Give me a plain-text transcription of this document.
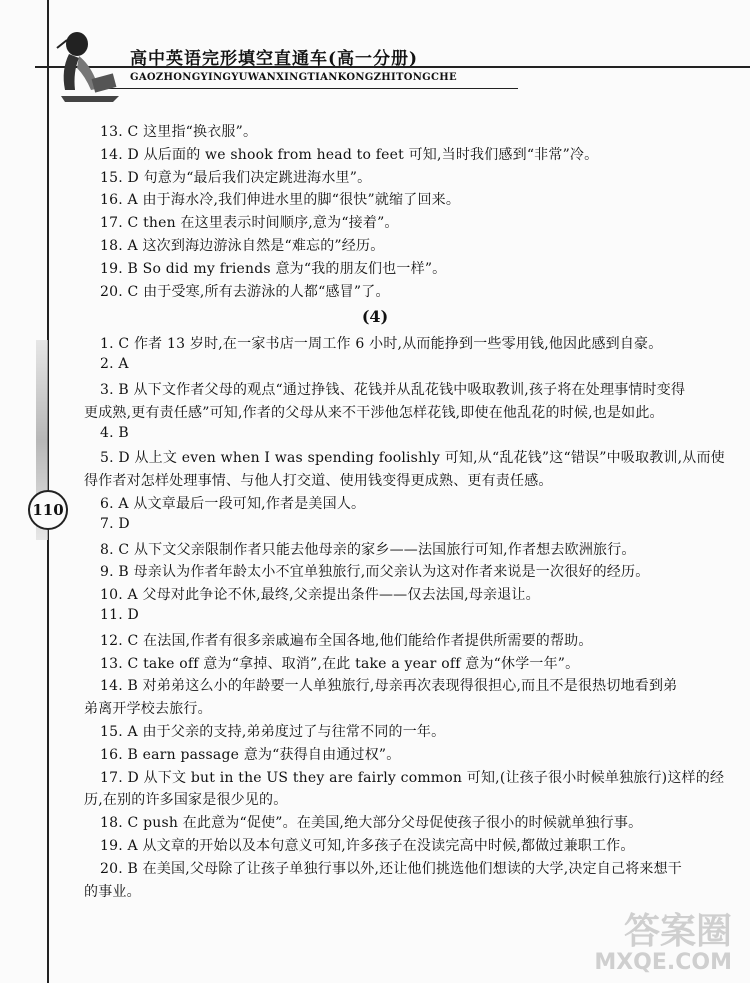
高中英语完形填空直通车(高一分册)
GAOZHONGYINGYUWANXINGTIANKONGZHITONGCHE
110
13. C 这里指“换衣服”。
14. D 从后面的 we shook from head to feet 可知,当时我们感到“非常”冷。
15. D 句意为“最后我们决定跳进海水里”。
16. A 由于海水冷,我们伸进水里的脚“很快”就缩了回来。
17. C then 在这里表示时间顺序,意为“接着”。
18. A 这次到海边游泳自然是“难忘的”经历。
19. B So did my friends 意为“我的朋友们也一样”。
20. C 由于受寒,所有去游泳的人都“感冒”了。
(4)
1. C 作者 13 岁时,在一家书店一周工作 6 小时,从而能挣到一些零用钱,他因此感到自豪。
2. A
3. B 从下文作者父母的观点“通过挣钱、花钱并从乱花钱中吸取教训,孩子将在处理事情时变得
更成熟,更有责任感”可知,作者的父母从来不干涉他怎样花钱,即使在他乱花的时候,也是如此。
4. B
5. D 从上文 even when I was spending foolishly 可知,从“乱花钱”这“错误”中吸取教训,从而使
得作者对怎样处理事情、与他人打交道、使用钱变得更成熟、更有责任感。
6. A 从文章最后一段可知,作者是美国人。
7. D
8. C 从下文父亲限制作者只能去他母亲的家乡——法国旅行可知,作者想去欧洲旅行。
9. B 母亲认为作者年龄太小不宜单独旅行,而父亲认为这对作者来说是一次很好的经历。
10. A 父母对此争论不休,最终,父亲提出条件——仅去法国,母亲退让。
11. D
12. C 在法国,作者有很多亲戚遍布全国各地,他们能给作者提供所需要的帮助。
13. C take off 意为“拿掉、取消”,在此 take a year off 意为“休学一年”。
14. B 对弟弟这么小的年龄要一人单独旅行,母亲再次表现得很担心,而且不是很热切地看到弟
弟离开学校去旅行。
15. A 由于父亲的支持,弟弟度过了与往常不同的一年。
16. B earn passage 意为“获得自由通过权”。
17. D 从下文 but in the US they are fairly common 可知,(让孩子很小时候单独旅行)这样的经
历,在别的许多国家是很少见的。
18. C push 在此意为“促使”。在美国,绝大部分父母促使孩子很小的时候就单独行事。
19. A 从文章的开始以及本句意义可知,许多孩子在没读完高中时候,都做过兼职工作。
20. B 在美国,父母除了让孩子单独行事以外,还让他们挑选他们想读的大学,决定自己将来想干
的事业。
答案圈
MXQE.COM
